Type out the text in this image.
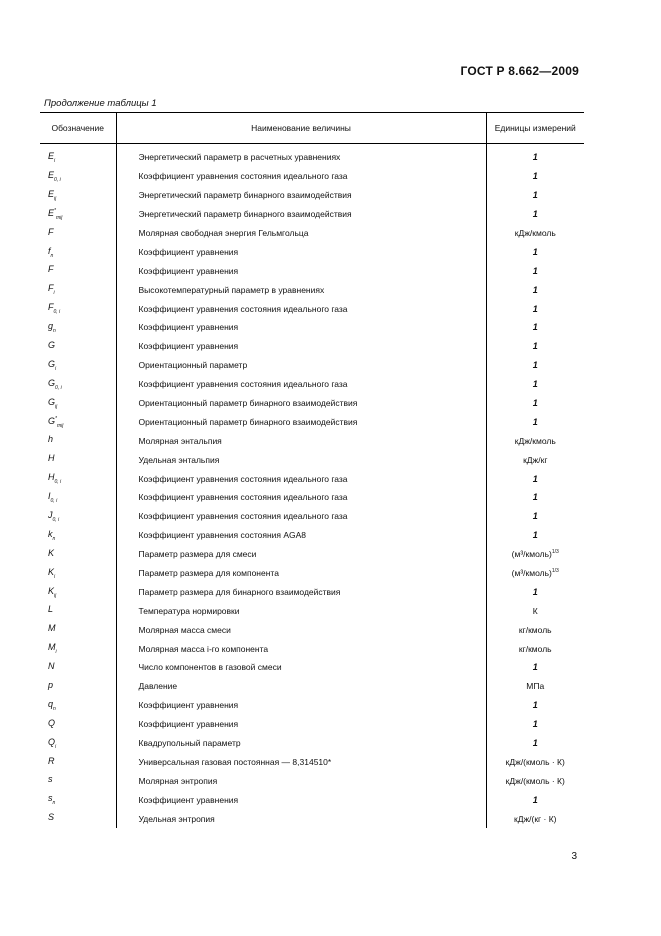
ГОСТ Р 8.662—2009
Продолжение таблицы 1
Обозначение	Наименование величины	Единицы измерений
$E_i$	Энергетический параметр в расчетных уравнениях	1
$E_{0, i}$	Коэффициент уравнения состояния идеального газа	1
$E_{ij}$	Энергетический параметр бинарного взаимодействия	1
$E^*_{mij}$	Энергетический параметр бинарного взаимодействия	1
F	Молярная свободная энергия Гельмгольца	кДж/кмоль
$f_n$	Коэффициент уравнения	1
F	Коэффициент уравнения	1
$F_i$	Высокотемпературный параметр в уравнениях	1
$F_{0, i}$	Коэффициент уравнения состояния идеального газа	1
$g_n$	Коэффициент уравнения	1
G	Коэффициент уравнения	1
$G_i$	Ориентационный параметр	1
$G_{0, i}$	Коэффициент уравнения состояния идеального газа	1
$G_{ij}$	Ориентационный параметр бинарного взаимодействия	1
$G^*_{mij}$	Ориентационный параметр бинарного взаимодействия	1
h	Молярная энтальпия	кДж/кмоль
H	Удельная энтальпия	кДж/кг
$H_{0, i}$	Коэффициент уравнения состояния идеального газа	1
$I_{0, i}$	Коэффициент уравнения состояния идеального газа	1
$J_{0, i}$	Коэффициент уравнения состояния идеального газа	1
$k_n$	Коэффициент уравнения состояния AGA8	1
K	Параметр размера для смеси	(м³/кмоль)$^{1/3}$
$K_i$	Параметр размера для компонента	(м³/кмоль)$^{1/3}$
$K_{ij}$	Параметр размера для бинарного взаимодействия	1
L	Температура нормировки	К
M	Молярная масса смеси	кг/кмоль
$M_i$	Молярная масса i-го компонента	кг/кмоль
N	Число компонентов в газовой смеси	1
p	Давление	МПа
$q_n$	Коэффициент уравнения	1
Q	Коэффициент уравнения	1
$Q_i$	Квадрупольный параметр	1
R	Универсальная газовая постоянная — 8,314510*	кДж/(кмоль · К)
s	Молярная энтропия	кДж/(кмоль · К)
$s_n$	Коэффициент уравнения	1
S	Удельная энтропия	кДж/(кг · К)
3
